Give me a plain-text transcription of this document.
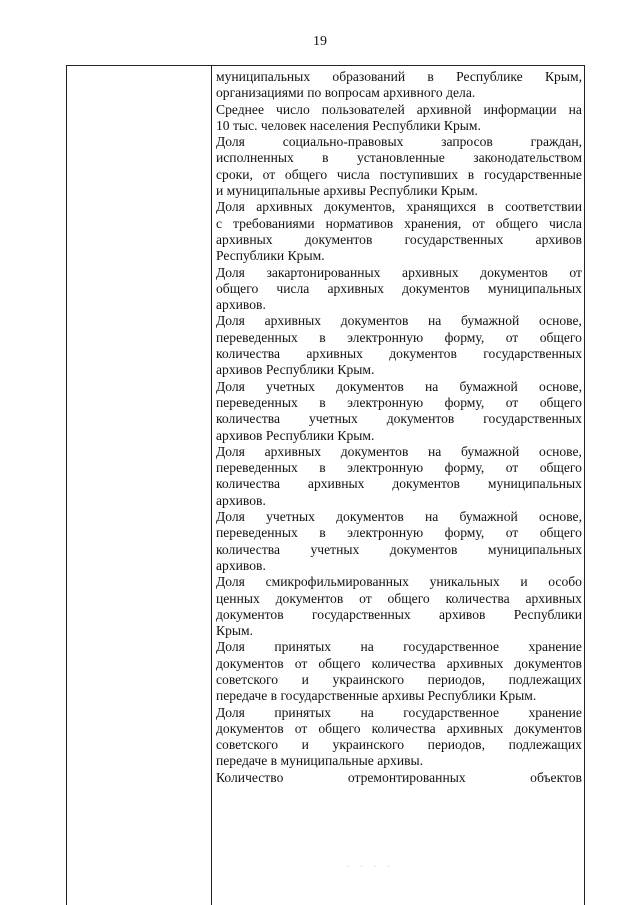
19
муниципальных образований в Республике Крым,
организациями по вопросам архивного дела.
Среднее число пользователей архивной информации на
10 тыс. человек населения Республики Крым.
Доля	социально-правовых	запросов	граждан,
исполненных в установленные законодательством
сроки, от общего числа поступивших в государственные
и муниципальные архивы Республики Крым.
Доля архивных документов, хранящихся в соответствии
с требованиями нормативов хранения, от общего числа
архивных документов государственных архивов
Республики Крым.
Доля закартонированных архивных документов от
общего числа архивных документов муниципальных
архивов.
Доля архивных документов на бумажной основе,
переведенных в электронную форму, от общего
количества архивных документов государственных
архивов Республики Крым.
Доля учетных документов на бумажной основе,
переведенных в электронную форму, от общего
количества учетных документов государственных
архивов Республики Крым.
Доля архивных документов на бумажной основе,
переведенных в электронную форму, от общего
количества архивных документов муниципальных
архивов.
Доля учетных документов на бумажной основе,
переведенных в электронную форму, от общего
количества учетных документов муниципальных
архивов.
Доля смикрофильмированных уникальных и особо
ценных документов от общего количества архивных
документов государственных архивов Республики
Крым.
Доля принятых на государственное хранение
документов от общего количества архивных документов
советского и украинского периодов, подлежащих
передаче в государственные архивы Республики Крым.
Доля принятых на государственное хранение
документов от общего количества архивных документов
советского и украинского периодов, подлежащих
передаче в муниципальные архивы.
Количество	отремонтированных	объектов
· · · ·
